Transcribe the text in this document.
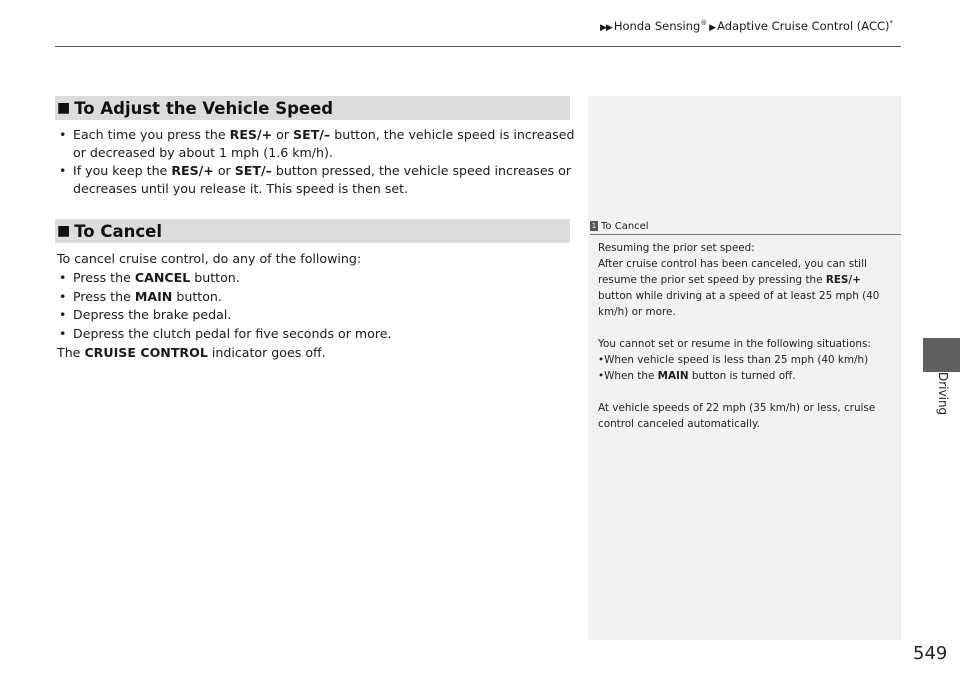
▶▶ Honda Sensing® ▶ Adaptive Cruise Control (ACC)*
Driving
■ To Adjust the Vehicle Speed
• Each time you press the RES/+ or SET/– button, the vehicle speed is increased or decreased by about 1 mph (1.6 km/h).
• If you keep the RES/+ or SET/– button pressed, the vehicle speed increases or decreases until you release it. This speed is then set.
■ To Cancel
To cancel cruise control, do any of the following:
• Press the CANCEL button.
• Press the MAIN button.
• Depress the brake pedal.
• Depress the clutch pedal for five seconds or more.
The CRUISE CONTROL indicator goes off.
1 To Cancel

Resuming the prior set speed:
After cruise control has been canceled, you can still resume the prior set speed by pressing the RES/+ button while driving at a speed of at least 25 mph (40 km/h) or more.

You cannot set or resume in the following situations:
•When vehicle speed is less than 25 mph (40 km/h)
•When the MAIN button is turned off.

At vehicle speeds of 22 mph (35 km/h) or less, cruise control canceled automatically.

549
